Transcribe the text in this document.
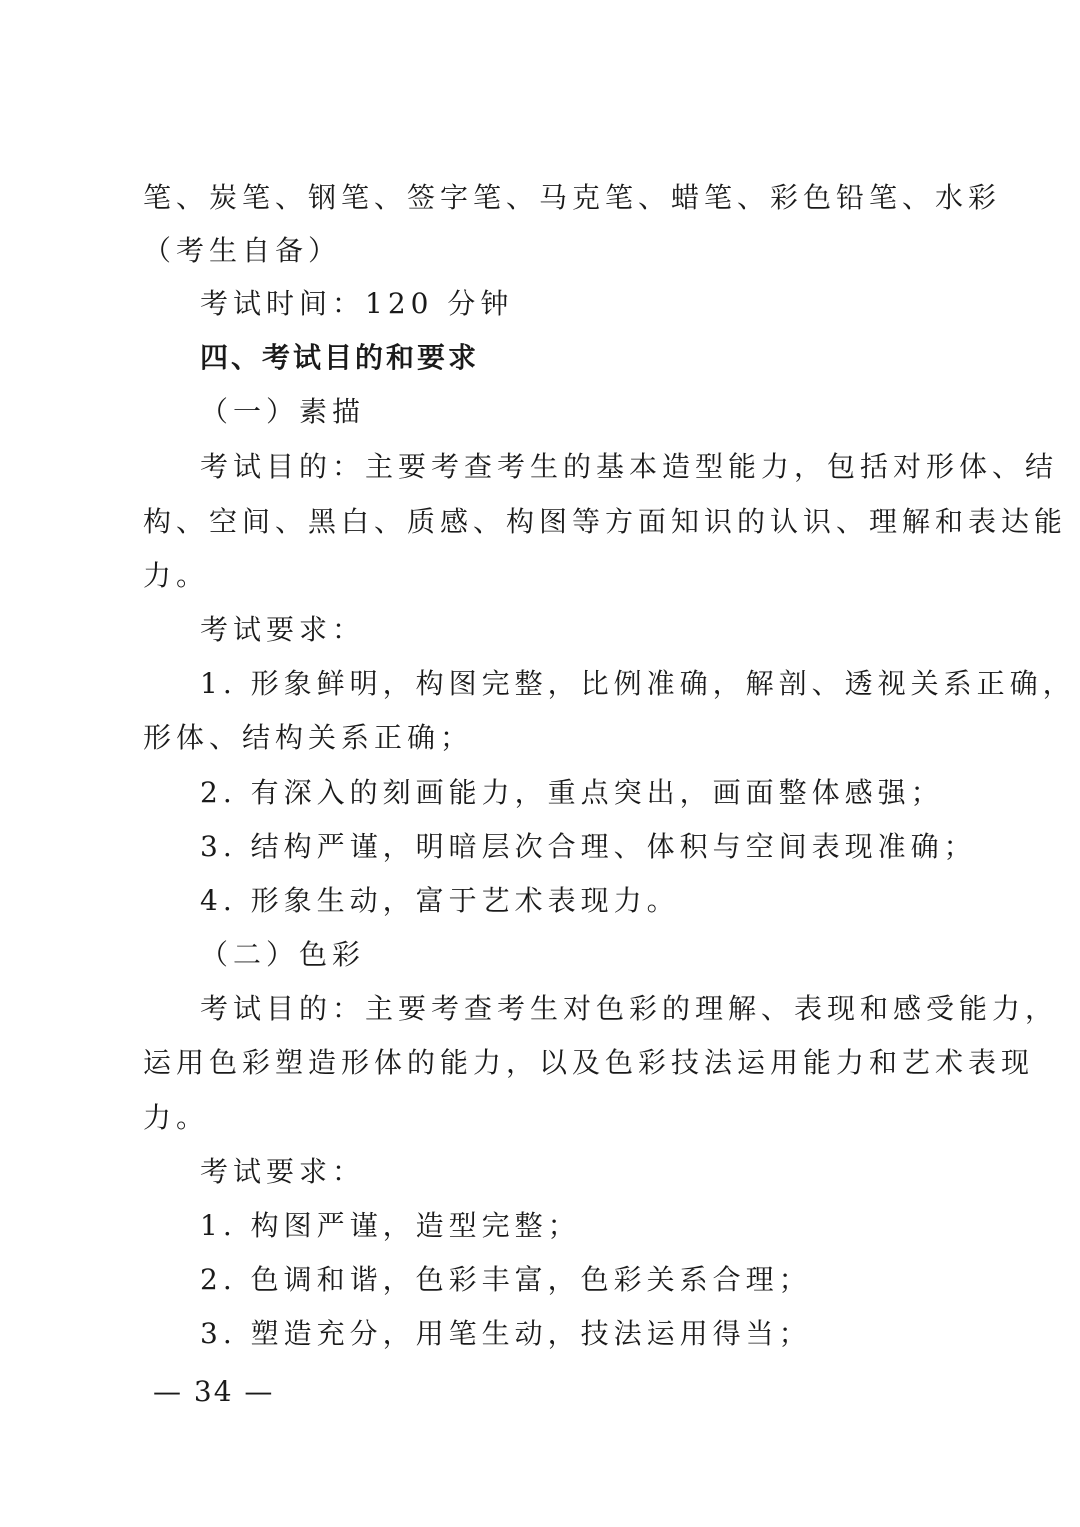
笔、炭笔、钢笔、签字笔、马克笔、蜡笔、彩色铅笔、水彩
（考生自备）
考试时间：120 分钟
四、考试目的和要求
（一）素描
考试目的：主要考查考生的基本造型能力，包括对形体、结
构、空间、黑白、质感、构图等方面知识的认识、理解和表达能
力。
考试要求：
1. 形象鲜明，构图完整，比例准确，解剖、透视关系正确，
形体、结构关系正确；
2. 有深入的刻画能力，重点突出，画面整体感强；
3. 结构严谨，明暗层次合理、体积与空间表现准确；
4. 形象生动，富于艺术表现力。
（二）色彩
考试目的：主要考查考生对色彩的理解、表现和感受能力，
运用色彩塑造形体的能力，以及色彩技法运用能力和艺术表现
力。
考试要求：
1. 构图严谨，造型完整；
2. 色调和谐，色彩丰富，色彩关系合理；
3. 塑造充分，用笔生动，技法运用得当；
— 34 —
